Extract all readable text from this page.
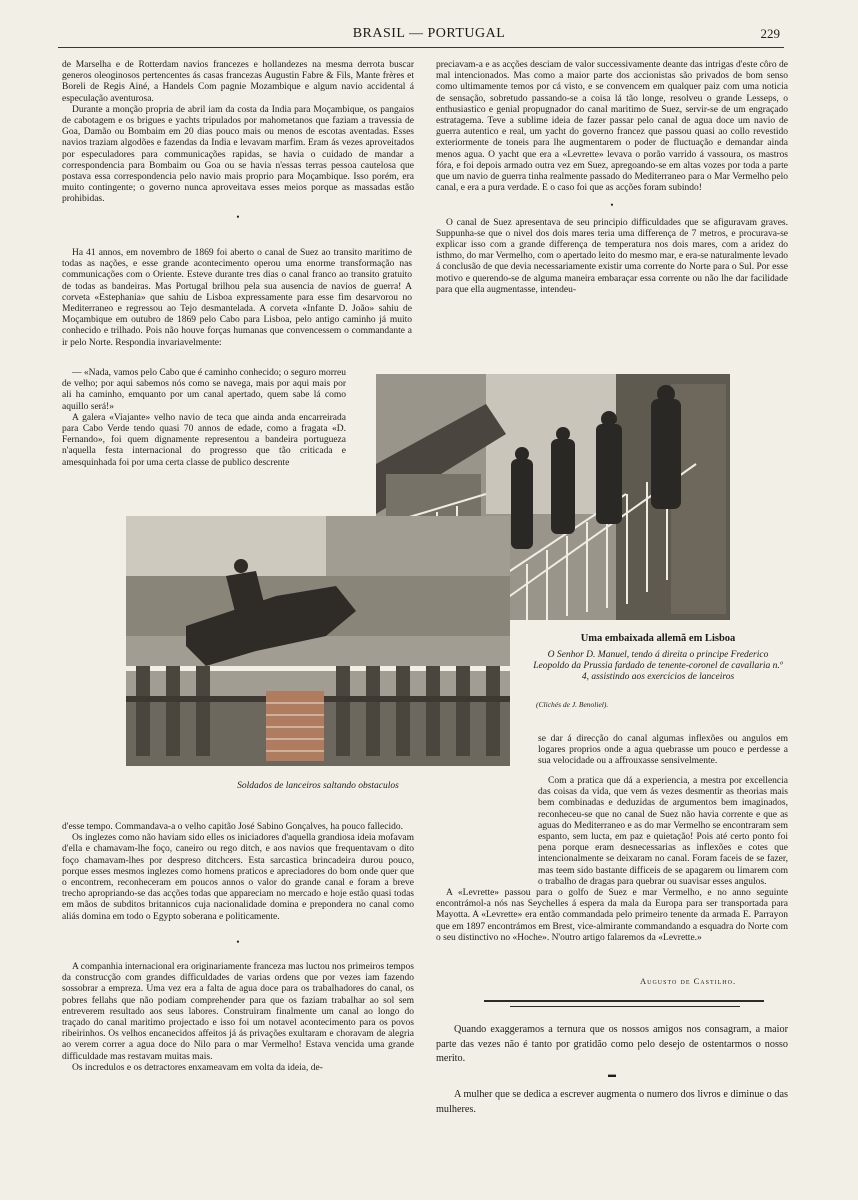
BRASIL — PORTUGAL	229

de Marselha e de Rotterdam navios francezes e hollandezes na mesma derrota buscar generos oleoginosos pertencentes ás casas francezas Augustin Fabre & Fils, Mante frères et Boreli de Regis Ainé, a Handels Com pagnie Mozambique e algum navio accidental á especulação aventurosa.

Durante a monção propria de abril iam da costa da India para Moçambique, os pangaios de cabotagem e os brigues e yachts tripulados por mahometanos que faziam a travessia de Goa, Damão ou Bombaim em 20 dias pouco mais ou menos de escotas aventadas. Esses navios traziam algodões e fazendas da India e levavam marfim. Eram ás vezes aproveitados por especuladores para communicações rapidas, se havia o cuidado de mandar a correspondencia para Bombaim ou Goa ou se havia n'essas terras pessoa cautelosa que postava essa correspondencia pelo navio mais proprio para Moçambique. Isso porém, era muito contingente; o governo nunca aproveitava esses meios porque as massadas estão prohibidas.

•

Ha 41 annos, em novembro de 1869 foi aberto o canal de Suez ao transito maritimo de todas as nações, e esse grande acontecimento operou uma enorme transformação nas communicações com o Oriente. Esteve durante tres dias o canal franco ao transito gratuito de todas as bandeiras. Mas Portugal brilhou pela sua ausencia de navios de guerra! A corveta «Estephania» que sahiu de Lisboa expressamente para esse fim desarvorou no Mediterraneo e regressou ao Tejo desmantelada. A corveta «Infante D. João» sahiu de Moçambique em outubro de 1869 pelo Cabo para Lisboa, pelo antigo caminho já muito conhecido e trilhado. Pois não houve forças humanas que convencessem o commandante a ir pelo Norte. Respondia invariavelmente:

— «Nada, vamos pelo Cabo que é caminho conhecido; o seguro morreu de velho; por aqui sabemos nós como se navega, mais por aqui mais por ali ha caminho, emquanto por um canal apertado, quem sabe lá como aquillo será!»

A galera «Viajante» velho navio de teca que ainda anda encarreirada para Cabo Verde tendo quasi 70 annos de edade, como a fragata «D. Fernando», foi quem dignamente representou a bandeira portugueza n'aquella festa internacional do progresso que tão criticada e amesquinhada foi por uma certa classe de publico descrente

Uma embaixada allemã em Lisboa
O Senhor D. Manuel, tendo á direita o principe Frederico Leopoldo da Prussia fardado de tenente-coronel de cavallaria n.º 4, assistindo aos exercicios de lanceiros
(Clichés de J. Benoliel).
Soldados de lanceiros saltando obstaculos

preciavam-a e as acções desciam de valor successivamente deante das intrigas d'este côro de mal intencionados. Mas como a maior parte dos accionistas são privados de bom senso como ultimamente temos por cá visto, e se convencem em qualquer paiz com uma noticia de sensação, sobretudo passando-se a coisa lá tão longe, resolveu o grande Lesseps, o enthusiastico e genial propugnador do canal maritimo de Suez, servir-se de um engraçado estratagema. Teve a sublime ideia de fazer passar pelo canal de agua doce um navio de guerra autentico e real, um yacht do governo francez que passou quasi ao collo revestido exteriormente de toneis para lhe augmentarem o poder de fluctuação e demandar ainda menos agua. O yacht que era a «Levrette» levava o porão varrido á vassoura, os mastros fóra, e foi depois armado outra vez em Suez, apregoando-se em altas vozes por toda a parte que um navio de guerra tinha realmente passado do Mediterraneo para o Mar Vermelho pelo canal, e era a pura verdade. E o caso foi que as acções foram subindo!

•

O canal de Suez apresentava de seu principio difficuldades que se afiguravam graves. Suppunha-se que o nivel dos dois mares teria uma differença de 7 metros, e procurava-se explicar isso com a grande differença de temperatura nos dois mares, com a aridez do isthmo, do mar Vermelho, com o apertado leito do mesmo mar, e era-se naturalmente levado á conclusão de que devia necessariamente existir uma corrente do Norte para o Sul. Por esse motivo e querendo-se de alguma maneira embaraçar essa corrente ou não lhe dar facilidade para que ella augmentasse, intendeu-

se dar á direcção do canal algumas inflexões ou angulos em logares proprios onde a agua quebrasse um pouco e perdesse a sua velocidade ou a affrouxasse sensivelmente.

Com a pratica que dá a experiencia, a mestra por excellencia das coisas da vida, que vem ás vezes desmentir as theorias mais bem combinadas e deduzidas de argumentos bem imaginados, reconheceu-se que no canal de Suez não havia corrente e que as aguas do Mediterraneo e as do mar Vermelho se encontraram sem espanto, sem lucta, em paz e quietação! Pois até certo ponto foi pena porque eram desnecessarias as inflexões e cotes que intencionalmente se deixaram no canal. Foram faceis de se fazer, mas teem sido bastante difficeis de se apagarem ou limarem com o trabalho de dragas para quebrar ou suavisar esses angulos.

A «Levrette» passou para o golfo de Suez e mar Vermelho, e no anno seguinte encontrámol-a nós nas Seychelles á espera da mala da Europa para ser transportada para Mayotta. A «Levrette» era então commandada pelo primeiro tenente da armada E. Parrayon que em 1897 encontrámos em Brest, vice-almirante commandando a esquadra do Norte com o seu distinctivo no «Hoche». N'outro artigo falaremos da «Levrette.»

Augusto de Castilho.

d'esse tempo. Commandava-a o velho capitão José Sabino Gonçalves, ha pouco fallecido.

Os inglezes como não haviam sido elles os iniciadores d'aquella grandiosa ideia mofavam d'ella e chamavam-lhe foço, caneiro ou rego ditch, e aos navios que frequentavam o dito foço chamavam-lhes por despreso ditchcers. Esta sarcastica brincadeira durou pouco, porque esses mesmos inglezes como homens praticos e apreciadores do bom onde quer que o encontrem, reconheceram em poucos annos o valor do grande canal e foram a breve trecho apropriando-se das acções todas que appareciam no mercado e hoje estão quasi todas em mãos de subditos britannicos cuja nacionalidade domina e prepondera no canal como aliás domina em todo o Egypto soberana e politicamente.

•

A companhia internacional era originariamente franceza mas luctou nos primeiros tempos da construcção com grandes difficuldades de varias ordens que por vezes iam fazendo sossobrar a empreza. Uma vez era a falta de agua doce para os trabalhadores do canal, os pobres fellahs que não podiam comprehender para que os faziam trabalhar ao sol sem entreverem resultado aos seus labores. Construiram finalmente um canal ao longo do traçado do canal maritimo projectado e isso foi um notavel acontecimento para os povos ribeirinhos. Os velhos encanecidos affeitos já ás privações exultaram e choravam de alegria ao verem correr a agua doce do Nilo para o mar Vermelho! Estava vencida uma grande difficuldade mas restavam muitas mais.

Os incredulos e os detractores enxameavam em volta da ideia, de-

Quando exaggeramos a ternura que os nossos amigos nos consagram, a maior parte das vezes não é tanto por gratidão como pelo desejo de ostentarmos o nosso merito.

▬

A mulher que se dedica a escrever augmenta o numero dos livros e diminue o das mulheres.
